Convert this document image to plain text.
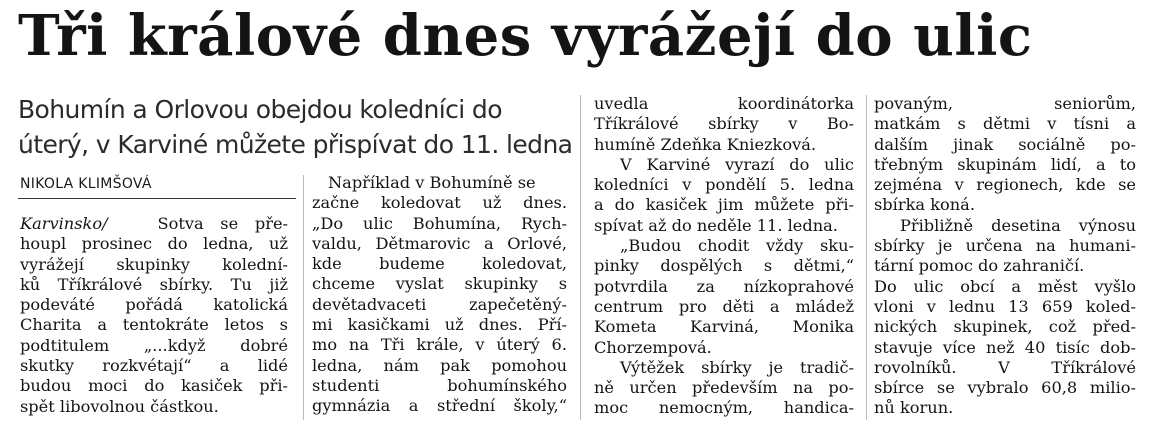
Tři králové dnes vyrážejí do ulic
Bohumín a Orlovou obejdou koledníci do
úterý, v Karviné můžete přispívat do 11. ledna
NIKOLA KLIMŠOVÁ
Karvinsko/	Sotva se pře-
houpl prosinec do ledna, už
vyrážejí skupinky kolední-
ků Tříkrálové sbírky. Tu již
podeváté pořádá katolická
Charita a tentokráte letos s
podtitulem „...když dobré
skutky rozkvétají“ a lidé
budou moci do kasiček při-
spět libovolnou částkou.
Například v Bohumíně se
začne koledovat už dnes.
„Do ulic Bohumína, Rych-
valdu, Dětmarovic a Orlové,
kde budeme koledovat,
chceme vyslat skupinky s
devětadvaceti zapečetěný-
mi kasičkami už dnes. Pří-
mo na Tři krále, v úterý 6.
ledna, nám pak pomohou
studenti bohumínského
gymnázia a střední školy,“
uvedla koordinátorka
Tříkrálové sbírky v Bo-
humíně Zdeňka Kniezková.
V Karviné vyrazí do ulic
koledníci v pondělí 5. ledna
a do kasiček jim můžete při-
spívat až do neděle 11. ledna.
„Budou chodit vždy sku-
pinky dospělých s dětmi,“
potvrdila za nízkoprahové
centrum pro děti a mládež
Kometa Karviná, Monika
Chorzempová.
Výtěžek sbírky je tradič-
ně určen především na po-
moc nemocným, handica-
povaným, seniorům,
matkám s dětmi v tísni a
dalším jinak sociálně po-
třebným skupinám lidí, a to
zejména v regionech, kde se
sbírka koná.
Přibližně desetina výnosu
sbírky je určena na humani-
tární pomoc do zahraničí.
Do ulic obcí a měst vyšlo
vloni v lednu 13 659 koled-
nických skupinek, což před-
stavuje více než 40 tisíc dob-
rovolníků. V Tříkrálové
sbírce se vybralo 60,8 milio-
nů korun.
